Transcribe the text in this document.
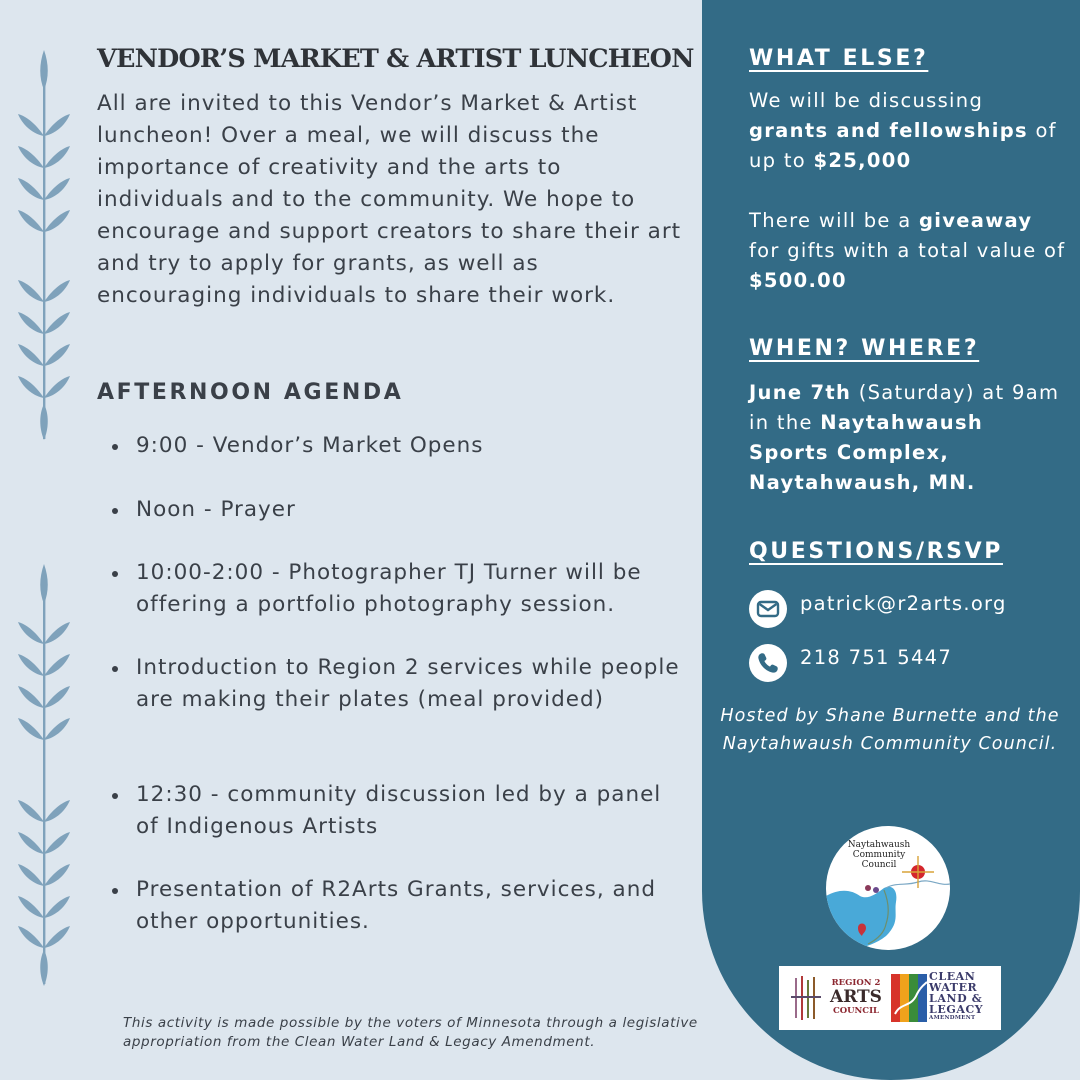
VENDOR’S MARKET & ARTIST LUNCHEON

All are invited to this Vendor’s Market & Artist luncheon! Over a meal, we will discuss the importance of creativity and the arts to individuals and to the community. We hope to encourage and support creators to share their art and try to apply for grants, as well as encouraging individuals to share their work.

AFTERNOON AGENDA
9:00 - Vendor’s Market Opens
Noon - Prayer
10:00-2:00 - Photographer TJ Turner will be offering a portfolio photography session.
Introduction to Region 2 services while people are making their plates (meal provided)
12:30 - community discussion led by a panel of Indigenous Artists
Presentation of R2Arts Grants, services, and other opportunities.
This activity is made possible by the voters of Minnesota through a legislative appropriation from the Clean Water Land & Legacy Amendment.
WHAT ELSE?
We will be discussing grants and fellowships of up to $25,000
There will be a giveaway for gifts with a total value of $500.00
WHEN? WHERE?
June 7th (Saturday) at 9am in the Naytahwaush Sports Complex, Naytahwaush, MN.
QUESTIONS/RSVP
patrick@r2arts.org
218 751 5447
Hosted by Shane Burnette and the Naytahwaush Community Council.
Naytahwaush Community Council
REGION 2
ARTS
COUNCIL
CLEAN
WATER
LAND &
LEGACY
AMENDMENT
